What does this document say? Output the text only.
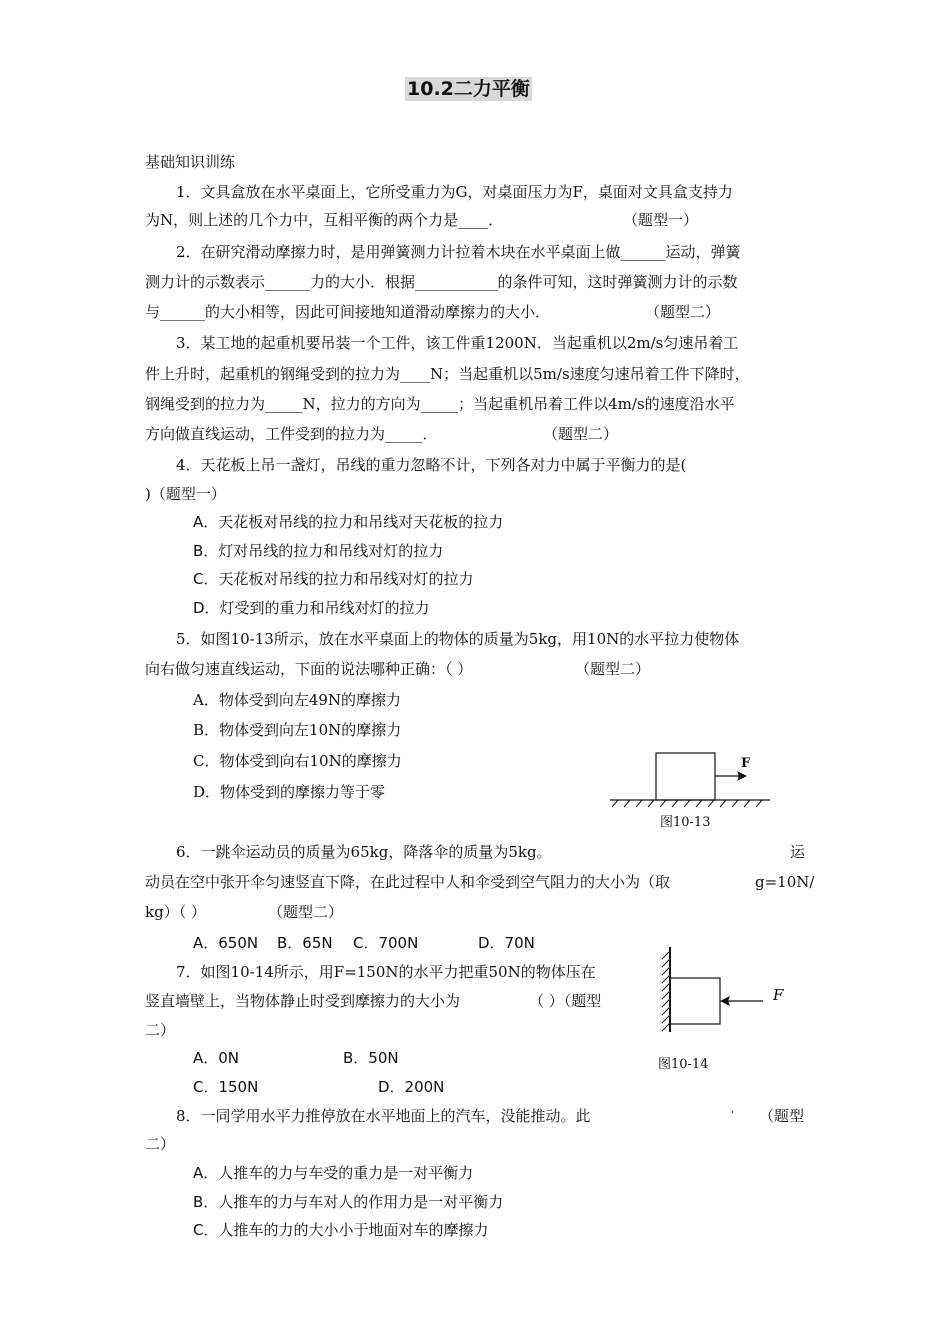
10.2二力平衡
基础知识训练
1．文具盒放在水平桌面上，它所受重力为G，对桌面压力为F，桌面对文具盒支持力
为N，则上述的几个力中，互相平衡的两个力是____．	（题型一）
2．在研究滑动摩擦力时，是用弹簧测力计拉着木块在水平桌面上做______运动，弹簧
测力计的示数表示______力的大小．根据___________的条件可知，这时弹簧测力计的示数
与______的大小相等，因此可间接地知道滑动摩擦力的大小．	（题型二）
3．某工地的起重机要吊装一个工件，该工件重1200N．当起重机以2m/s匀速吊着工
件上升时，起重机的钢绳受到的拉力为____N；当起重机以5m/s速度匀速吊着工件下降时，
钢绳受到的拉力为_____N，拉力的方向为_____；当起重机吊着工件以4m/s的速度沿水平
方向做直线运动，工件受到的拉力为_____．	（题型二）
4．天花板上吊一盏灯，吊线的重力忽略不计，下列各对力中属于平衡力的是(
)（题型一）
A．天花板对吊线的拉力和吊线对天花板的拉力
B．灯对吊线的拉力和吊线对灯的拉力
C．天花板对吊线的拉力和吊线对灯的拉力
D．灯受到的重力和吊线对灯的拉力
5．如图10-13所示，放在水平桌面上的物体的质量为5kg，用10N的水平拉力使物体
向右做匀速直线运动，下面的说法哪种正确：（ ）	（题型二）
A．物体受到向左49N的摩擦力
B．物体受到向左10N的摩擦力
C．物体受到向右10N的摩擦力
D．物体受到的摩擦力等于零
F
图10-13
6．一跳伞运动员的质量为65kg，降落伞的质量为5kg。	运
动员在空中张开伞匀速竖直下降，在此过程中人和伞受到空气阻力的大小为（取	g=10N/
kg）（ ）	（题型二）
A．650N B．65N C．700N	D．70N
7．如图10-14所示，用F=150N的水平力把重50N的物体压在
竖直墙壁上，当物体静止时受到摩擦力的大小为	（ ）（题型
二）
A．0N	B．50N
C．150N	D．200N
F
图10-14
8．一同学用水平力推停放在水平地面上的汽车，没能推动。此	' （题型
二）
A．人推车的力与车受的重力是一对平衡力
B．人推车的力与车对人的作用力是一对平衡力
C．人推车的力的大小小于地面对车的摩擦力
